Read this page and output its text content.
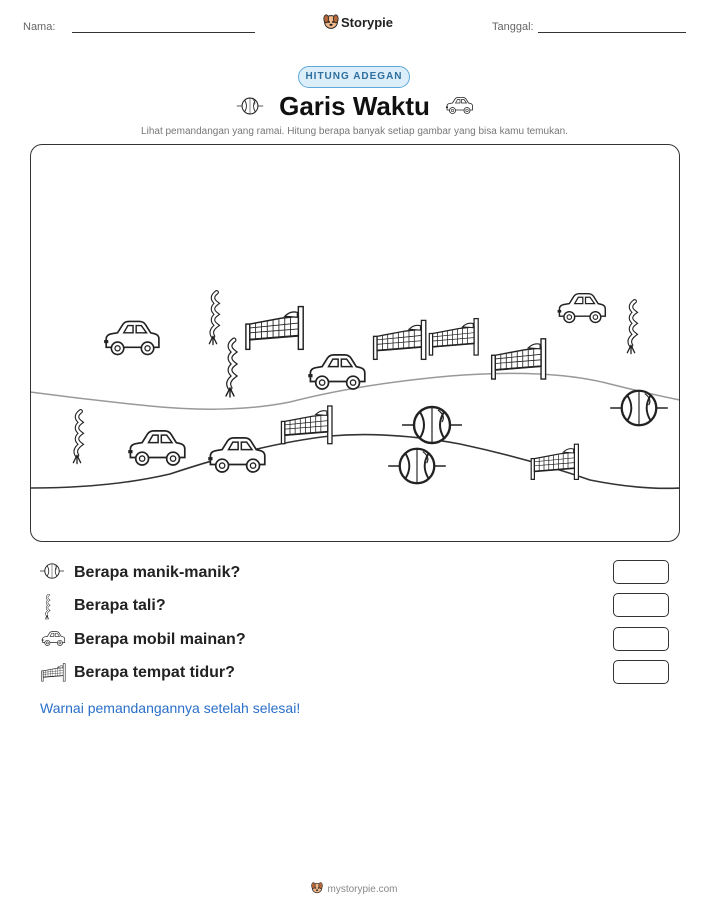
Nama:	Storypie	Tanggal:
HITUNG ADEGAN
Garis Waktu
Lihat pemandangan yang ramai. Hitung berapa banyak setiap gambar yang bisa kamu temukan.
Berapa manik-manik?
Berapa tali?
Berapa mobil mainan?
Berapa tempat tidur?
Warnai pemandangannya setelah selesai!
mystorypie.com
